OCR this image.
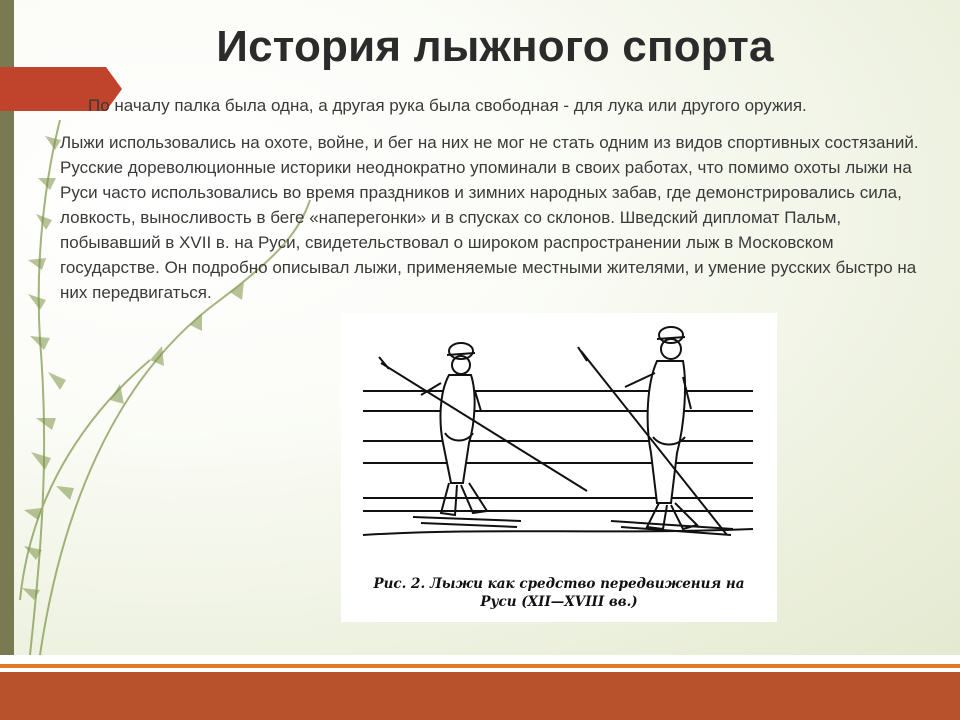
История лыжного спорта

По началу палка была одна, а другая рука была свободная - для лука или другого оружия.

Лыжи использовались на охоте, войне, и бег на них не мог не стать одним из видов спортивных состязаний. Русские дореволюционные историки неоднократно упоминали в своих работах, что помимо охоты лыжи на Руси часто использовались во время праздников и зимних народных забав, где демонстрировались сила, ловкость, выносливость в беге «наперегонки» и в спусках со склонов. Шведский дипломат Пальм, побывавший в XVII в. на Руси, свидетельствовал о широком распространении лыж в Московском государстве. Он подробно описывал лыжи, применяемые местными жителями, и умение русских быстро на них передвигаться.

Рис. 2. Лыжи как средство передвижения на
Руси (XII—XVIII вв.)
